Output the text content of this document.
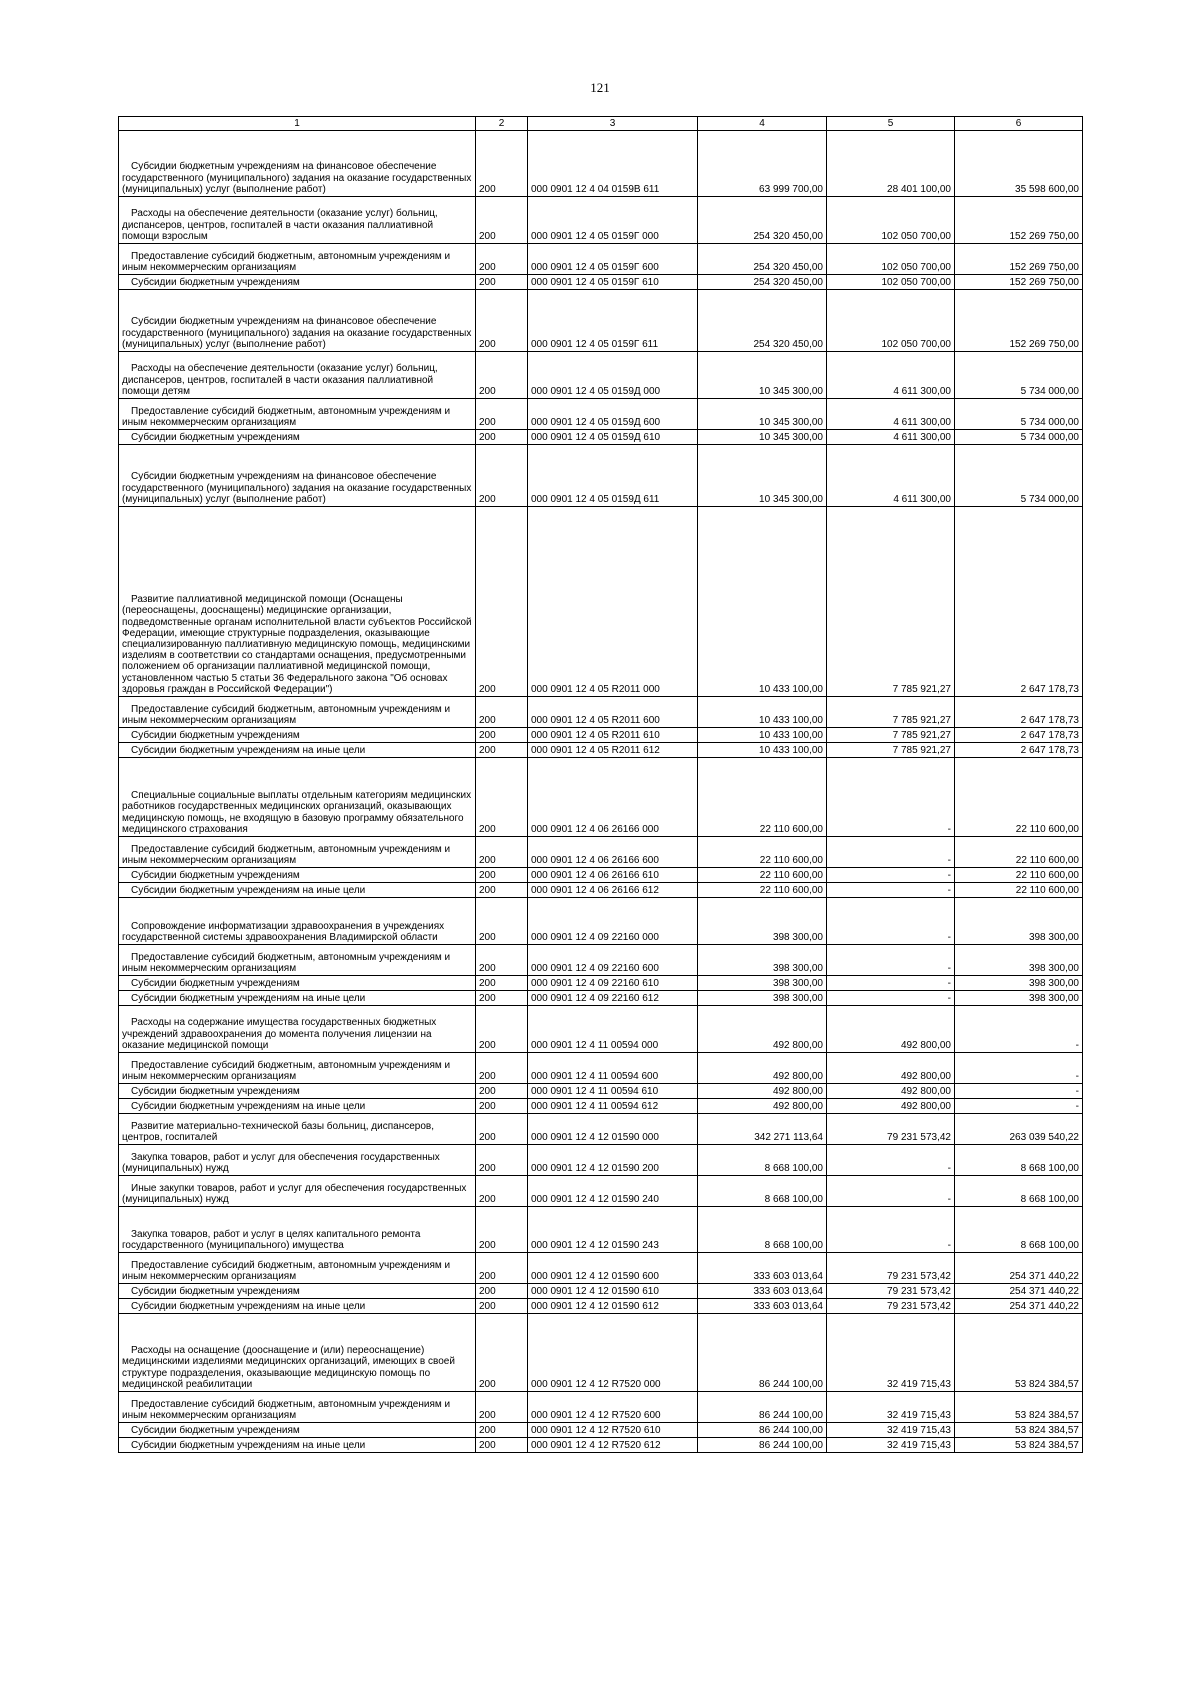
121
1	2	3	4	5	6
Субсидии бюджетным учреждениям на финансовое обеспечение государственного (муниципального) задания на оказание государственных (муниципальных) услуг (выполнение работ)	200	000 0901 12 4 04 0159В 611	63 999 700,00	28 401 100,00	35 598 600,00
Расходы на обеспечение деятельности (оказание услуг) больниц, диспансеров, центров, госпиталей в части оказания паллиативной помощи взрослым	200	000 0901 12 4 05 0159Г 000	254 320 450,00	102 050 700,00	152 269 750,00
Предоставление субсидий бюджетным, автономным учреждениям и иным некоммерческим организациям	200	000 0901 12 4 05 0159Г 600	254 320 450,00	102 050 700,00	152 269 750,00
Субсидии бюджетным учреждениям	200	000 0901 12 4 05 0159Г 610	254 320 450,00	102 050 700,00	152 269 750,00
Субсидии бюджетным учреждениям на финансовое обеспечение государственного (муниципального) задания на оказание государственных (муниципальных) услуг (выполнение работ)	200	000 0901 12 4 05 0159Г 611	254 320 450,00	102 050 700,00	152 269 750,00
Расходы на обеспечение деятельности (оказание услуг) больниц, диспансеров, центров, госпиталей в части оказания паллиативной помощи детям	200	000 0901 12 4 05 0159Д 000	10 345 300,00	4 611 300,00	5 734 000,00
Предоставление субсидий бюджетным, автономным учреждениям и иным некоммерческим организациям	200	000 0901 12 4 05 0159Д 600	10 345 300,00	4 611 300,00	5 734 000,00
Субсидии бюджетным учреждениям	200	000 0901 12 4 05 0159Д 610	10 345 300,00	4 611 300,00	5 734 000,00
Субсидии бюджетным учреждениям на финансовое обеспечение государственного (муниципального) задания на оказание государственных (муниципальных) услуг (выполнение работ)	200	000 0901 12 4 05 0159Д 611	10 345 300,00	4 611 300,00	5 734 000,00
Развитие паллиативной медицинской помощи (Оснащены (переоснащены, дооснащены) медицинские организации, подведомственные органам исполнительной власти субъектов Российской Федерации, имеющие структурные подразделения, оказывающие специализированную паллиативную медицинскую помощь, медицинскими изделиям в соответствии со стандартами оснащения, предусмотренными положением об организации паллиативной медицинской помощи, установленном частью 5 статьи 36 Федерального закона "Об основах здоровья граждан в Российской Федерации")	200	000 0901 12 4 05 R2011 000	10 433 100,00	7 785 921,27	2 647 178,73
Предоставление субсидий бюджетным, автономным учреждениям и иным некоммерческим организациям	200	000 0901 12 4 05 R2011 600	10 433 100,00	7 785 921,27	2 647 178,73
Субсидии бюджетным учреждениям	200	000 0901 12 4 05 R2011 610	10 433 100,00	7 785 921,27	2 647 178,73
Субсидии бюджетным учреждениям на иные цели	200	000 0901 12 4 05 R2011 612	10 433 100,00	7 785 921,27	2 647 178,73
Специальные социальные выплаты отдельным категориям медицинских работников государственных медицинских организаций, оказывающих медицинскую помощь, не входящую в базовую программу обязательного медицинского страхования	200	000 0901 12 4 06 26166 000	22 110 600,00	-	22 110 600,00
Предоставление субсидий бюджетным, автономным учреждениям и иным некоммерческим организациям	200	000 0901 12 4 06 26166 600	22 110 600,00	-	22 110 600,00
Субсидии бюджетным учреждениям	200	000 0901 12 4 06 26166 610	22 110 600,00	-	22 110 600,00
Субсидии бюджетным учреждениям на иные цели	200	000 0901 12 4 06 26166 612	22 110 600,00	-	22 110 600,00
Сопровождение информатизации здравоохранения в учреждениях государственной системы здравоохранения Владимирской области	200	000 0901 12 4 09 22160 000	398 300,00	-	398 300,00
Предоставление субсидий бюджетным, автономным учреждениям и иным некоммерческим организациям	200	000 0901 12 4 09 22160 600	398 300,00	-	398 300,00
Субсидии бюджетным учреждениям	200	000 0901 12 4 09 22160 610	398 300,00	-	398 300,00
Субсидии бюджетным учреждениям на иные цели	200	000 0901 12 4 09 22160 612	398 300,00	-	398 300,00
Расходы на содержание имущества государственных бюджетных учреждений здравоохранения до момента получения лицензии на оказание медицинской помощи	200	000 0901 12 4 11 00594 000	492 800,00	492 800,00	-
Предоставление субсидий бюджетным, автономным учреждениям и иным некоммерческим организациям	200	000 0901 12 4 11 00594 600	492 800,00	492 800,00	-
Субсидии бюджетным учреждениям	200	000 0901 12 4 11 00594 610	492 800,00	492 800,00	-
Субсидии бюджетным учреждениям на иные цели	200	000 0901 12 4 11 00594 612	492 800,00	492 800,00	-
Развитие материально-технической базы больниц, диспансеров, центров, госпиталей	200	000 0901 12 4 12 01590 000	342 271 113,64	79 231 573,42	263 039 540,22
Закупка товаров, работ и услуг для обеспечения государственных (муниципальных) нужд	200	000 0901 12 4 12 01590 200	8 668 100,00	-	8 668 100,00
Иные закупки товаров, работ и услуг для обеспечения государственных (муниципальных) нужд	200	000 0901 12 4 12 01590 240	8 668 100,00	-	8 668 100,00
Закупка товаров, работ и услуг в целях капитального ремонта государственного (муниципального) имущества	200	000 0901 12 4 12 01590 243	8 668 100,00	-	8 668 100,00
Предоставление субсидий бюджетным, автономным учреждениям и иным некоммерческим организациям	200	000 0901 12 4 12 01590 600	333 603 013,64	79 231 573,42	254 371 440,22
Субсидии бюджетным учреждениям	200	000 0901 12 4 12 01590 610	333 603 013,64	79 231 573,42	254 371 440,22
Субсидии бюджетным учреждениям на иные цели	200	000 0901 12 4 12 01590 612	333 603 013,64	79 231 573,42	254 371 440,22
Расходы на оснащение (дооснащение и (или) переоснащение) медицинскими изделиями медицинских организаций, имеющих в своей структуре подразделения, оказывающие медицинскую помощь по медицинской реабилитации	200	000 0901 12 4 12 R7520 000	86 244 100,00	32 419 715,43	53 824 384,57
Предоставление субсидий бюджетным, автономным учреждениям и иным некоммерческим организациям	200	000 0901 12 4 12 R7520 600	86 244 100,00	32 419 715,43	53 824 384,57
Субсидии бюджетным учреждениям	200	000 0901 12 4 12 R7520 610	86 244 100,00	32 419 715,43	53 824 384,57
Субсидии бюджетным учреждениям на иные цели	200	000 0901 12 4 12 R7520 612	86 244 100,00	32 419 715,43	53 824 384,57
